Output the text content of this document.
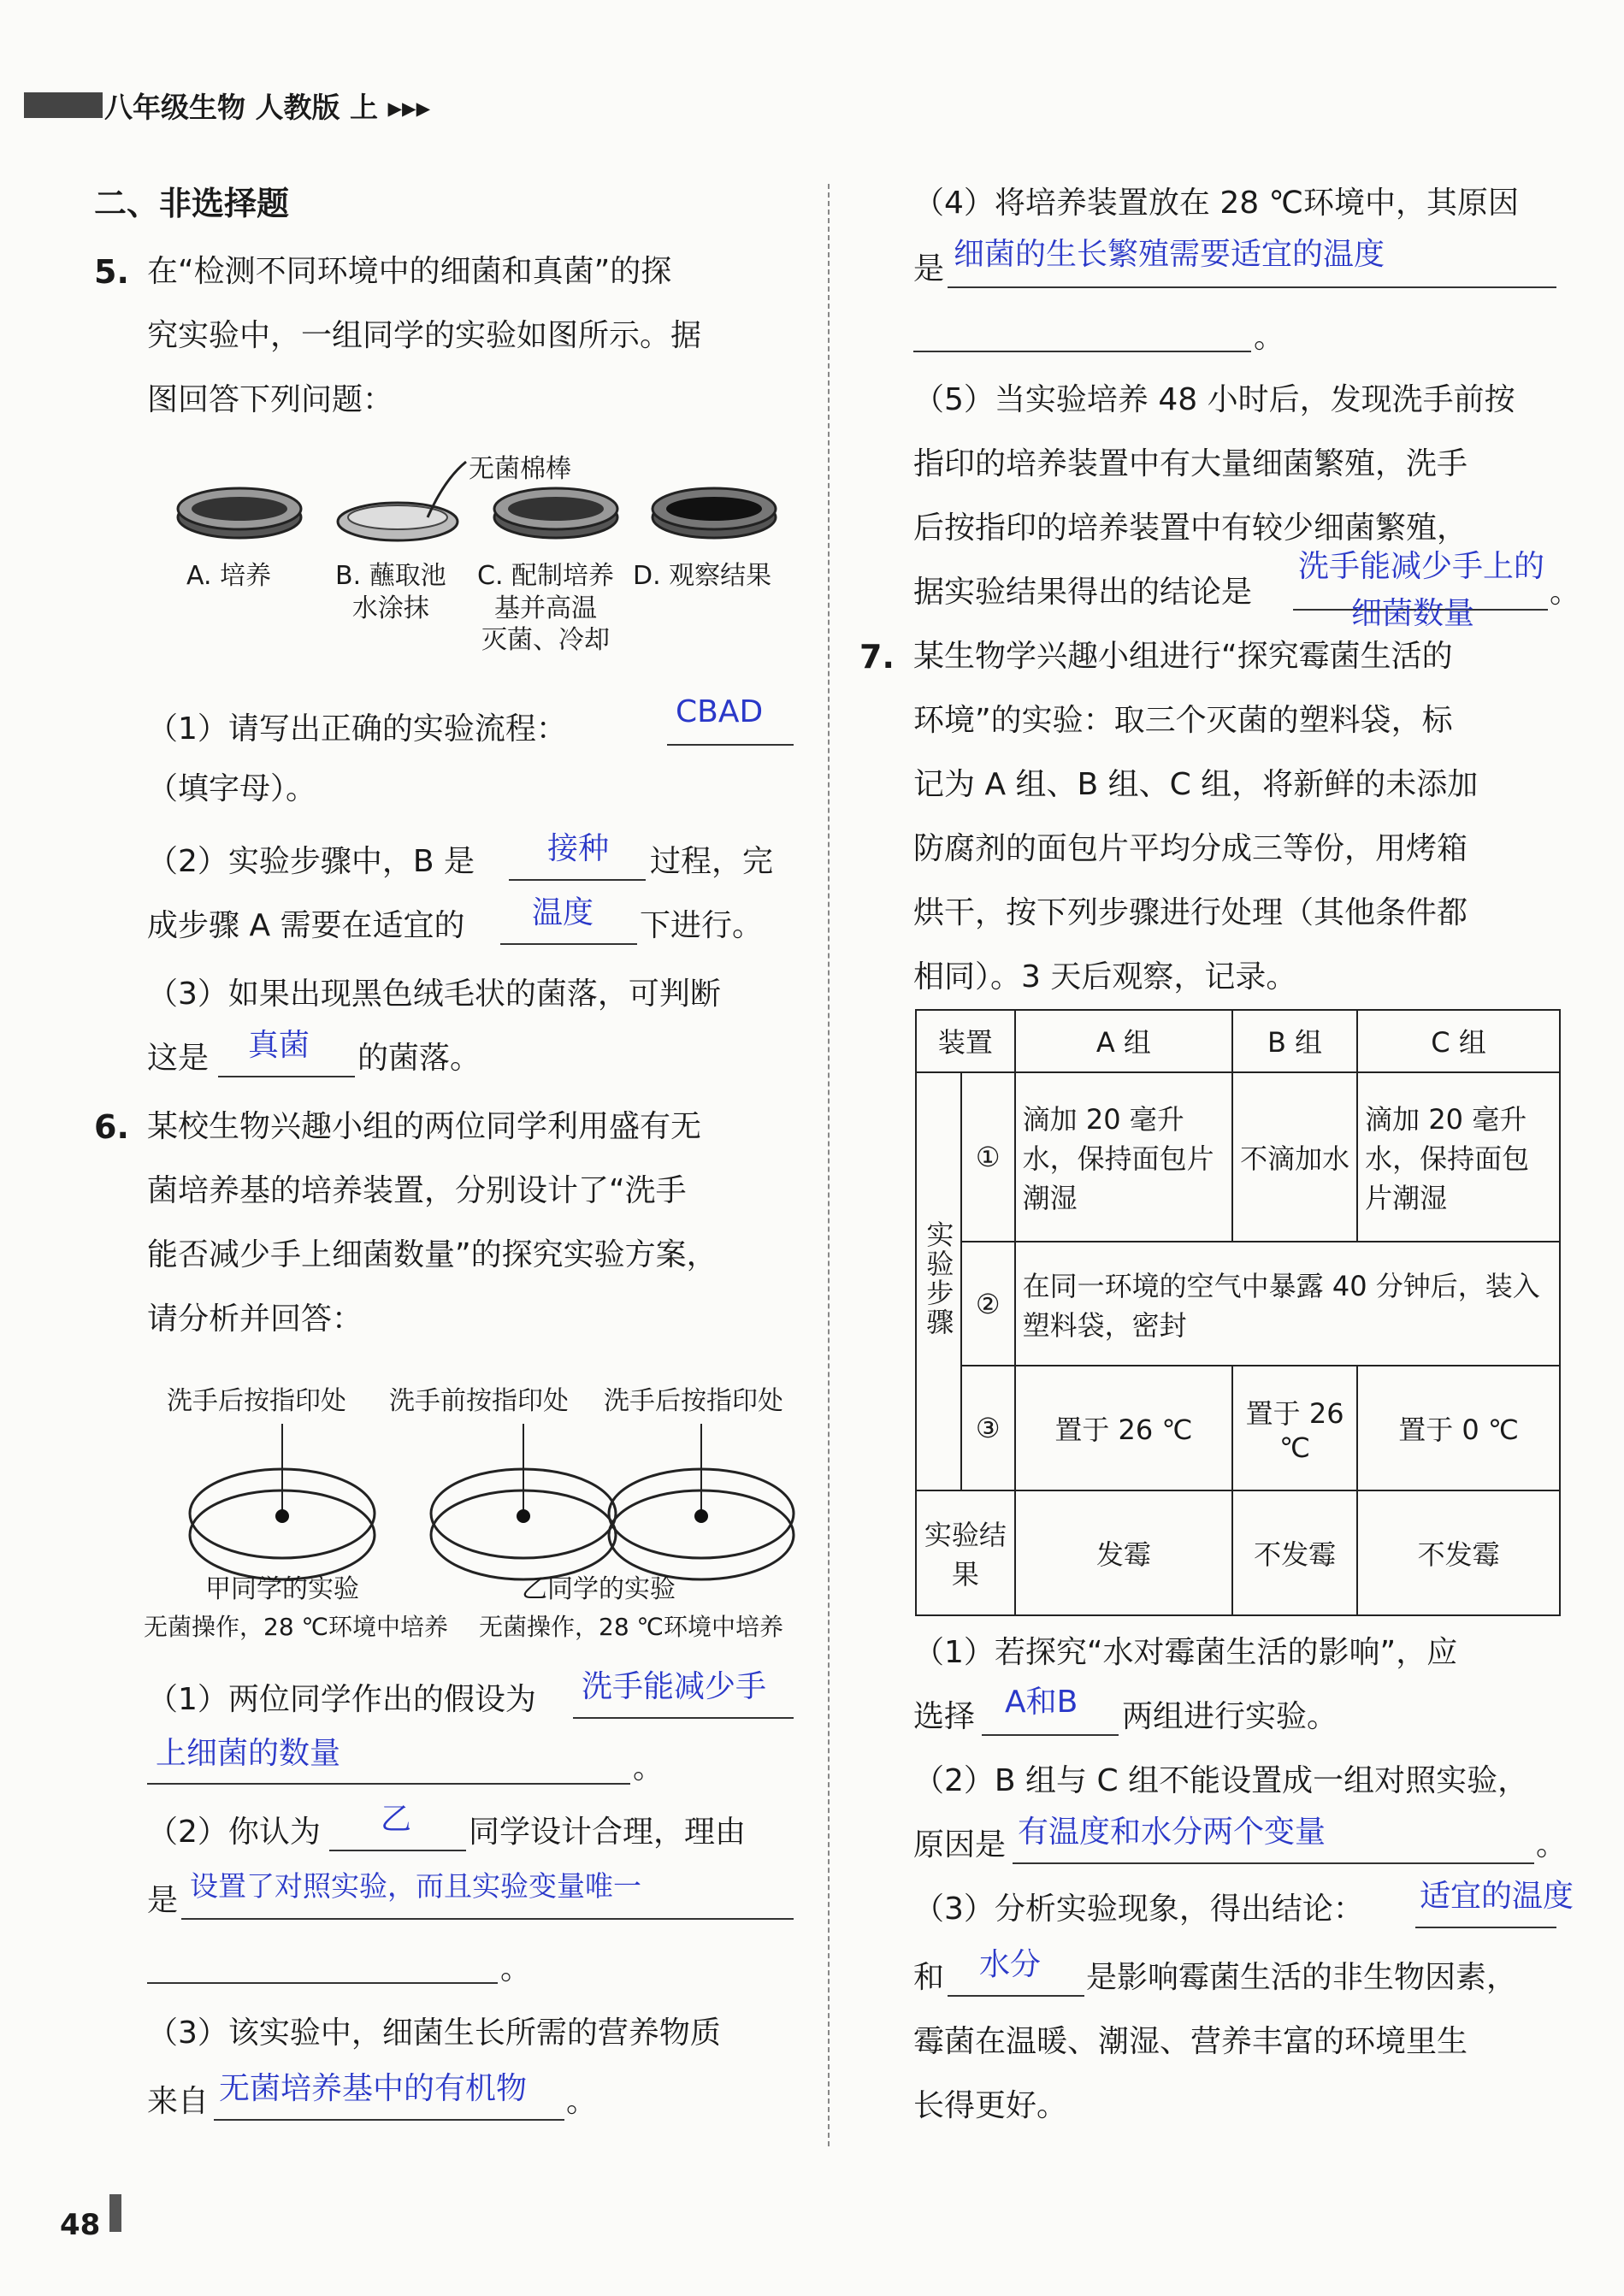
八年级生物 人教版 上 ▸▸▸
二、非选择题
5. 在“检测不同环境中的细菌和真菌”的探
究实验中，一组同学的实验如图所示。据
图回答下列问题：
无菌棉棒
A. 培养 B. 蘸取池
水涂抹
C. 配制培养
基并高温
灭菌、冷却
D. 观察结果
（1）请写出正确的实验流程：	CBAD
（填字母）。
（2）实验步骤中，B 是 接种 过程，完
成步骤 A 需要在适宜的 温度 下进行。
（3）如果出现黑色绒毛状的菌落，可判断
这是 真菌 的菌落。
6. 某校生物兴趣小组的两位同学利用盛有无
菌培养基的培养装置，分别设计了“洗手
能否减少手上细菌数量”的探究实验方案，
请分析并回答：
洗手后按指印处 洗手前按指印处 洗手后按指印处
甲同学的实验	乙同学的实验
无菌操作，28 ℃环境中培养 无菌操作，28 ℃环境中培养
（1）两位同学作出的假设为 洗手能减少手
上细菌的数量	。
（2）你认为 乙 同学设计合理，理由
是 设置了对照实验，而且实验变量唯一
。
（3）该实验中，细菌生长所需的营养物质
来自 无菌培养基中的有机物 。
48
（4）将培养装置放在 28 ℃环境中，其原因
是 细菌的生长繁殖需要适宜的温度
。
（5）当实验培养 48 小时后，发现洗手前按
指印的培养装置中有大量细菌繁殖，洗手
后按指印的培养装置中有较少细菌繁殖，
据实验结果得出的结论是
洗手能减少手上的
细菌数量
。
7. 某生物学兴趣小组进行“探究霉菌生活的
环境”的实验：取三个灭菌的塑料袋，标
记为 A 组、B 组、C 组，将新鲜的未添加
防腐剂的面包片平均分成三等份，用烤箱
烘干，按下列步骤进行处理（其他条件都
相同）。3 天后观察，记录。
装置		A 组	B 组	C 组
实验步骤	①	滴加 20 毫升水，保持面包片潮湿	不滴加水	滴加 20 毫升水，保持面包片潮湿
	②	在同一环境的空气中暴露 40 分钟后，装入塑料袋，密封		
	③	置于 26 ℃	置于 26 ℃	置于 0 ℃
实验结果		发霉	不发霉	不发霉
（1）若探究“水对霉菌生活的影响”，应
选择 A和B 两组进行实验。
（2）B 组与 C 组不能设置成一组对照实验，
原因是 有温度和水分两个变量	。
（3）分析实验现象，得出结论： 适宜的温度
和 水分 是影响霉菌生活的非生物因素，
霉菌在温暖、潮湿、营养丰富的环境里生
长得更好。
